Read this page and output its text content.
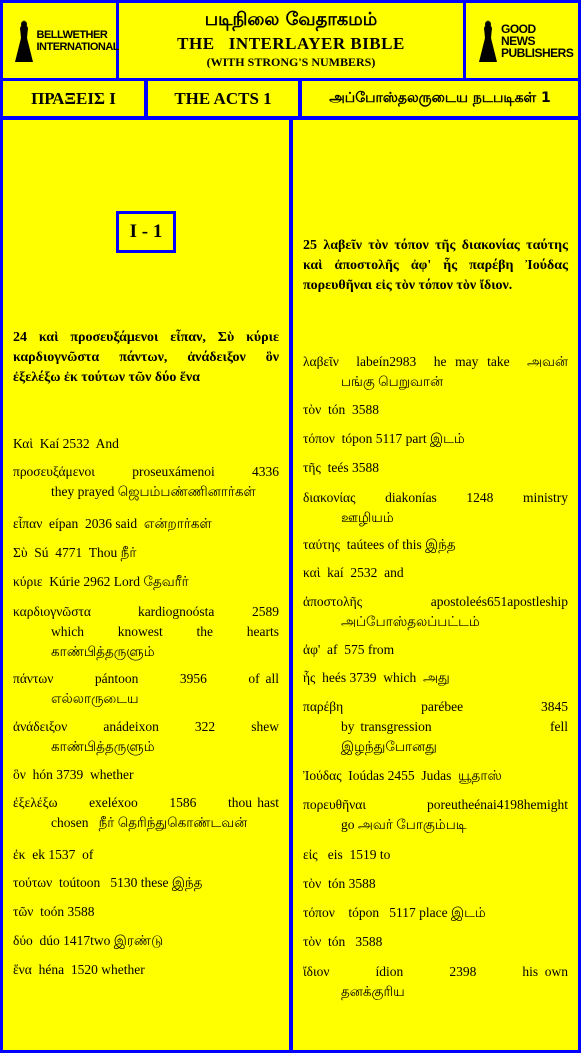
BELLWETHER INTERNATIONAL
படிநிலை வேதாகமம்
THE   INTERLAYER BIBLE
(WITH STRONG'S NUMBERS)
GOOD NEWS PUBLISHERS
ΠΡΑΞΕΙΣ Ι	THE ACTS 1	அப்போஸ்தலருடைய நடபடிகள் 1
24 καὶ προσευξάμενοι εἶπαν, Σὺ κύριε καρδιογνῶστα πάντων, ἀνάδειξον ὃν ἐξελέξω ἐκ τούτων τῶν δύο ἕνα
Καὶ  Kaí 2532  And
προσευξάμενοι  proseuxámenoi  4336
they prayed ஜெபம்பண்ணினார்கள்
εἶπαν  eípan  2036 said  என்றார்கள்
Σὺ  Sú  4771  Thou நீர்
κύριε  Kúrie 2962 Lord தேவரீர்
καρδιογνῶστα     kardiognoósta    2589
which   knowest   the   hearts  காண்பித்தருளும்
πάντων       pántoon       3956       of all
எல்லாருடைய
ἀνάδειξον       anádeixon       322       shew
காண்பித்தருளும்
ὃν  hón 3739  whether
ἐξελέξω      exeléxoo      1586      thou hast
chosen   நீர் தெரிந்துகொண்டவன்
ἐκ  ek 1537  of
τούτων  toútoon   5130 these இந்த
τῶν  toón 3588
δύο  dúo 1417two இரண்டு
ἕνα  héna  1520 whether
I - 1
25 λαβεῖν τὸν τόπον τῆς διακονίας ταύτης καὶ ἀποστολῆς ἀφ' ἧς παρέβη Ἰούδας πορευθῆναι εἰς τὸν τόπον τὸν ἴδιον.
λαβεῖν  labeín2983  he may take  அவன்
பங்கு பெறுவான்
τὸν  tón  3588
τόπον  tópon 5117 part இடம்
τῆς  teés 3588
διακονίας    diakonías    1248    ministry
ஊழியம்
ταύτης  taútees of this இந்த
καὶ  kaí  2532  and
ἀποστολῆς         apostoleés651apostleship
அப்போஸ்தலப்பட்டம்
ἀφ'  af  575 from
ἧς  heés 3739  which  அது
παρέβη           parébee           3845
by transgression                    fell  இழந்துபோனது
Ἰούδας  Ioúdas 2455  Judas  யூதாஸ்
πορευθῆναι poreutheénai4198hemight
go அவர் போகும்படி
εἰς   eis  1519 to
τὸν  tón 3588
τόπον    tópon   5117 place இடம்
τὸν  tón   3588
ἴδιον       ídion       2398       his own
தனக்குரிய
